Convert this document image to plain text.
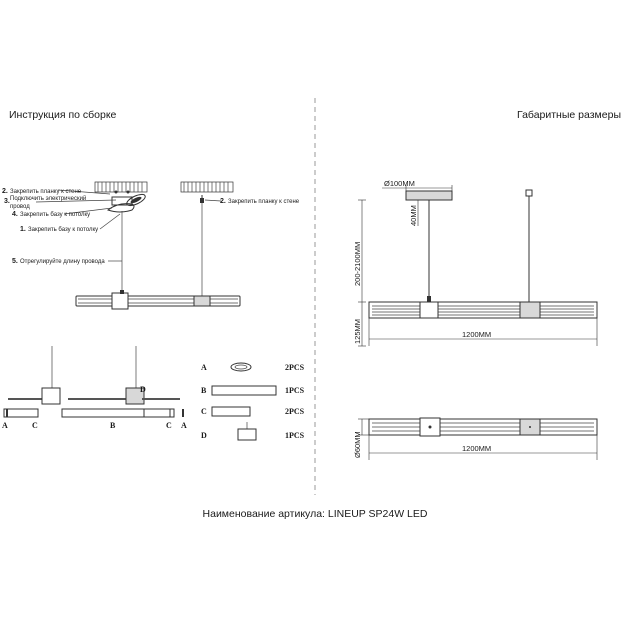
Инструкция по сборке	Габаритные размеры
2. Закрепить планку к стене
3. Подключить электрический
провод
4. Закрепить базу к потолку
1. Закрепить базу к потолку
5. Отрегулируйте длину провода
2. Закрепить планку к стене
A	C	B	C A
D
A	2PCS
B	1PCS
C	2PCS
D	1PCS
Ø100MM
40MM
200-2100MM
125MM	1200MM
1200MM
Ø60MM
Наименование артикула: LINEUP SP24W LED
